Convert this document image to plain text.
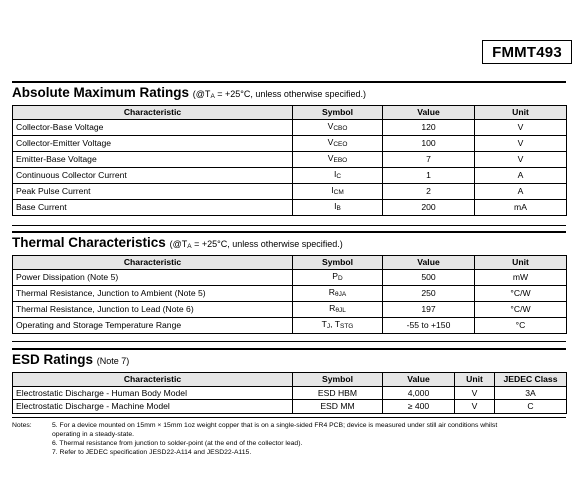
FMMT493
Absolute Maximum Ratings ($@T_A = +25^\circ C$, unless otherwise specified.)
Characteristic	Symbol	Value	Unit
Collector-Base Voltage	$V_{CBO}$	120	V
Collector-Emitter Voltage	$V_{CEO}$	100	V
Emitter-Base Voltage	$V_{EBO}$	7	V
Continuous Collector Current	$I_C$	1	A
Peak Pulse Current	$I_{CM}$	2	A
Base Current	$I_B$	200	mA
Thermal Characteristics ($@T_A = +25^\circ C$, unless otherwise specified.)
Characteristic	Symbol	Value	Unit
Power Dissipation (Note 5)	$P_D$	500	mW
Thermal Resistance, Junction to Ambient (Note 5)	$R_{\theta JA}$	250	°C/W
Thermal Resistance, Junction to Lead (Note 6)	$R_{\theta JL}$	197	°C/W
Operating and Storage Temperature Range	$T_J$, $T_{STG}$	-55 to +150	°C
ESD Ratings (Note 7)
Characteristic	Symbol	Value	Unit	JEDEC Class
Electrostatic Discharge - Human Body Model	ESD HBM	4,000	V	3A
Electrostatic Discharge - Machine Model	ESD MM	≥ 400	V	C
Notes:	5. For a device mounted on 15mm × 15mm 1oz weight copper that is on a single-sided FR4 PCB; device is measured under still air conditions whilst
operating in a steady-state.
6. Thermal resistance from junction to solder-point (at the end of the collector lead).
7. Refer to JEDEC specification JESD22-A114 and JESD22-A115.
